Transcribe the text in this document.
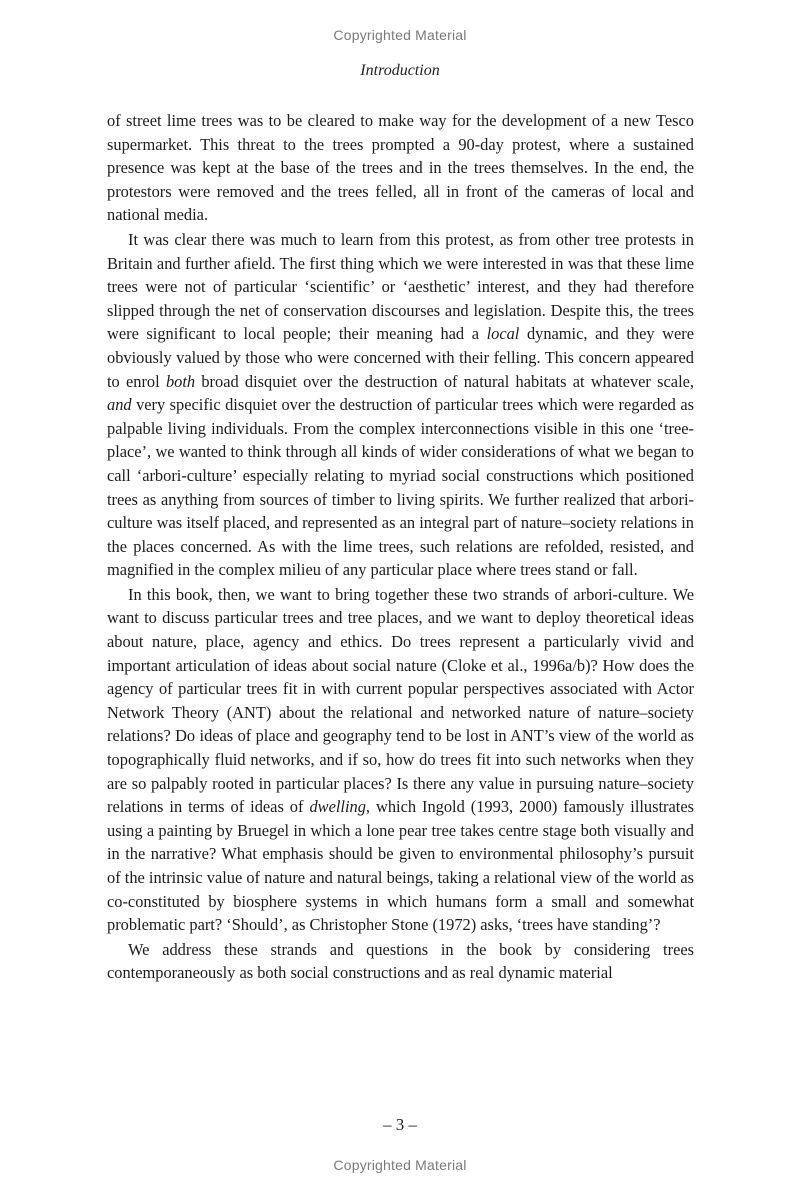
Copyrighted Material
Introduction

of street lime trees was to be cleared to make way for the development of a new Tesco supermarket. This threat to the trees prompted a 90-day protest, where a sustained presence was kept at the base of the trees and in the trees themselves. In the end, the protestors were removed and the trees felled, all in front of the cameras of local and national media.

It was clear there was much to learn from this protest, as from other tree protests in Britain and further afield. The first thing which we were interested in was that these lime trees were not of particular ‘scientific’ or ‘aesthetic’ interest, and they had therefore slipped through the net of conservation discourses and legislation. Despite this, the trees were significant to local people; their meaning had a local dynamic, and they were obviously valued by those who were concerned with their felling. This concern appeared to enrol both broad disquiet over the destruction of natural habitats at whatever scale, and very specific disquiet over the destruction of particular trees which were regarded as palpable living individuals. From the complex interconnections visible in this one ‘tree-place’, we wanted to think through all kinds of wider considerations of what we began to call ‘arbori-culture’ especially relating to myriad social constructions which positioned trees as anything from sources of timber to living spirits. We further realized that arbori-culture was itself placed, and represented as an integral part of nature–society relations in the places concerned. As with the lime trees, such relations are refolded, resisted, and magnified in the complex milieu of any particular place where trees stand or fall.

In this book, then, we want to bring together these two strands of arbori-culture. We want to discuss particular trees and tree places, and we want to deploy theoretical ideas about nature, place, agency and ethics. Do trees represent a particularly vivid and important articulation of ideas about social nature (Cloke et al., 1996a/b)? How does the agency of particular trees fit in with current popular perspectives associated with Actor Network Theory (ANT) about the relational and networked nature of nature–society relations? Do ideas of place and geography tend to be lost in ANT’s view of the world as topographically fluid networks, and if so, how do trees fit into such networks when they are so palpably rooted in particular places? Is there any value in pursuing nature–society relations in terms of ideas of dwelling, which Ingold (1993, 2000) famously illustrates using a painting by Bruegel in which a lone pear tree takes centre stage both visually and in the narrative? What emphasis should be given to environmental philosophy’s pursuit of the intrinsic value of nature and natural beings, taking a relational view of the world as co-constituted by biosphere systems in which humans form a small and somewhat problematic part? ‘Should’, as Christopher Stone (1972) asks, ‘trees have standing’?

We address these strands and questions in the book by considering trees contemporaneously as both social constructions and as real dynamic material

– 3 –
Copyrighted Material
